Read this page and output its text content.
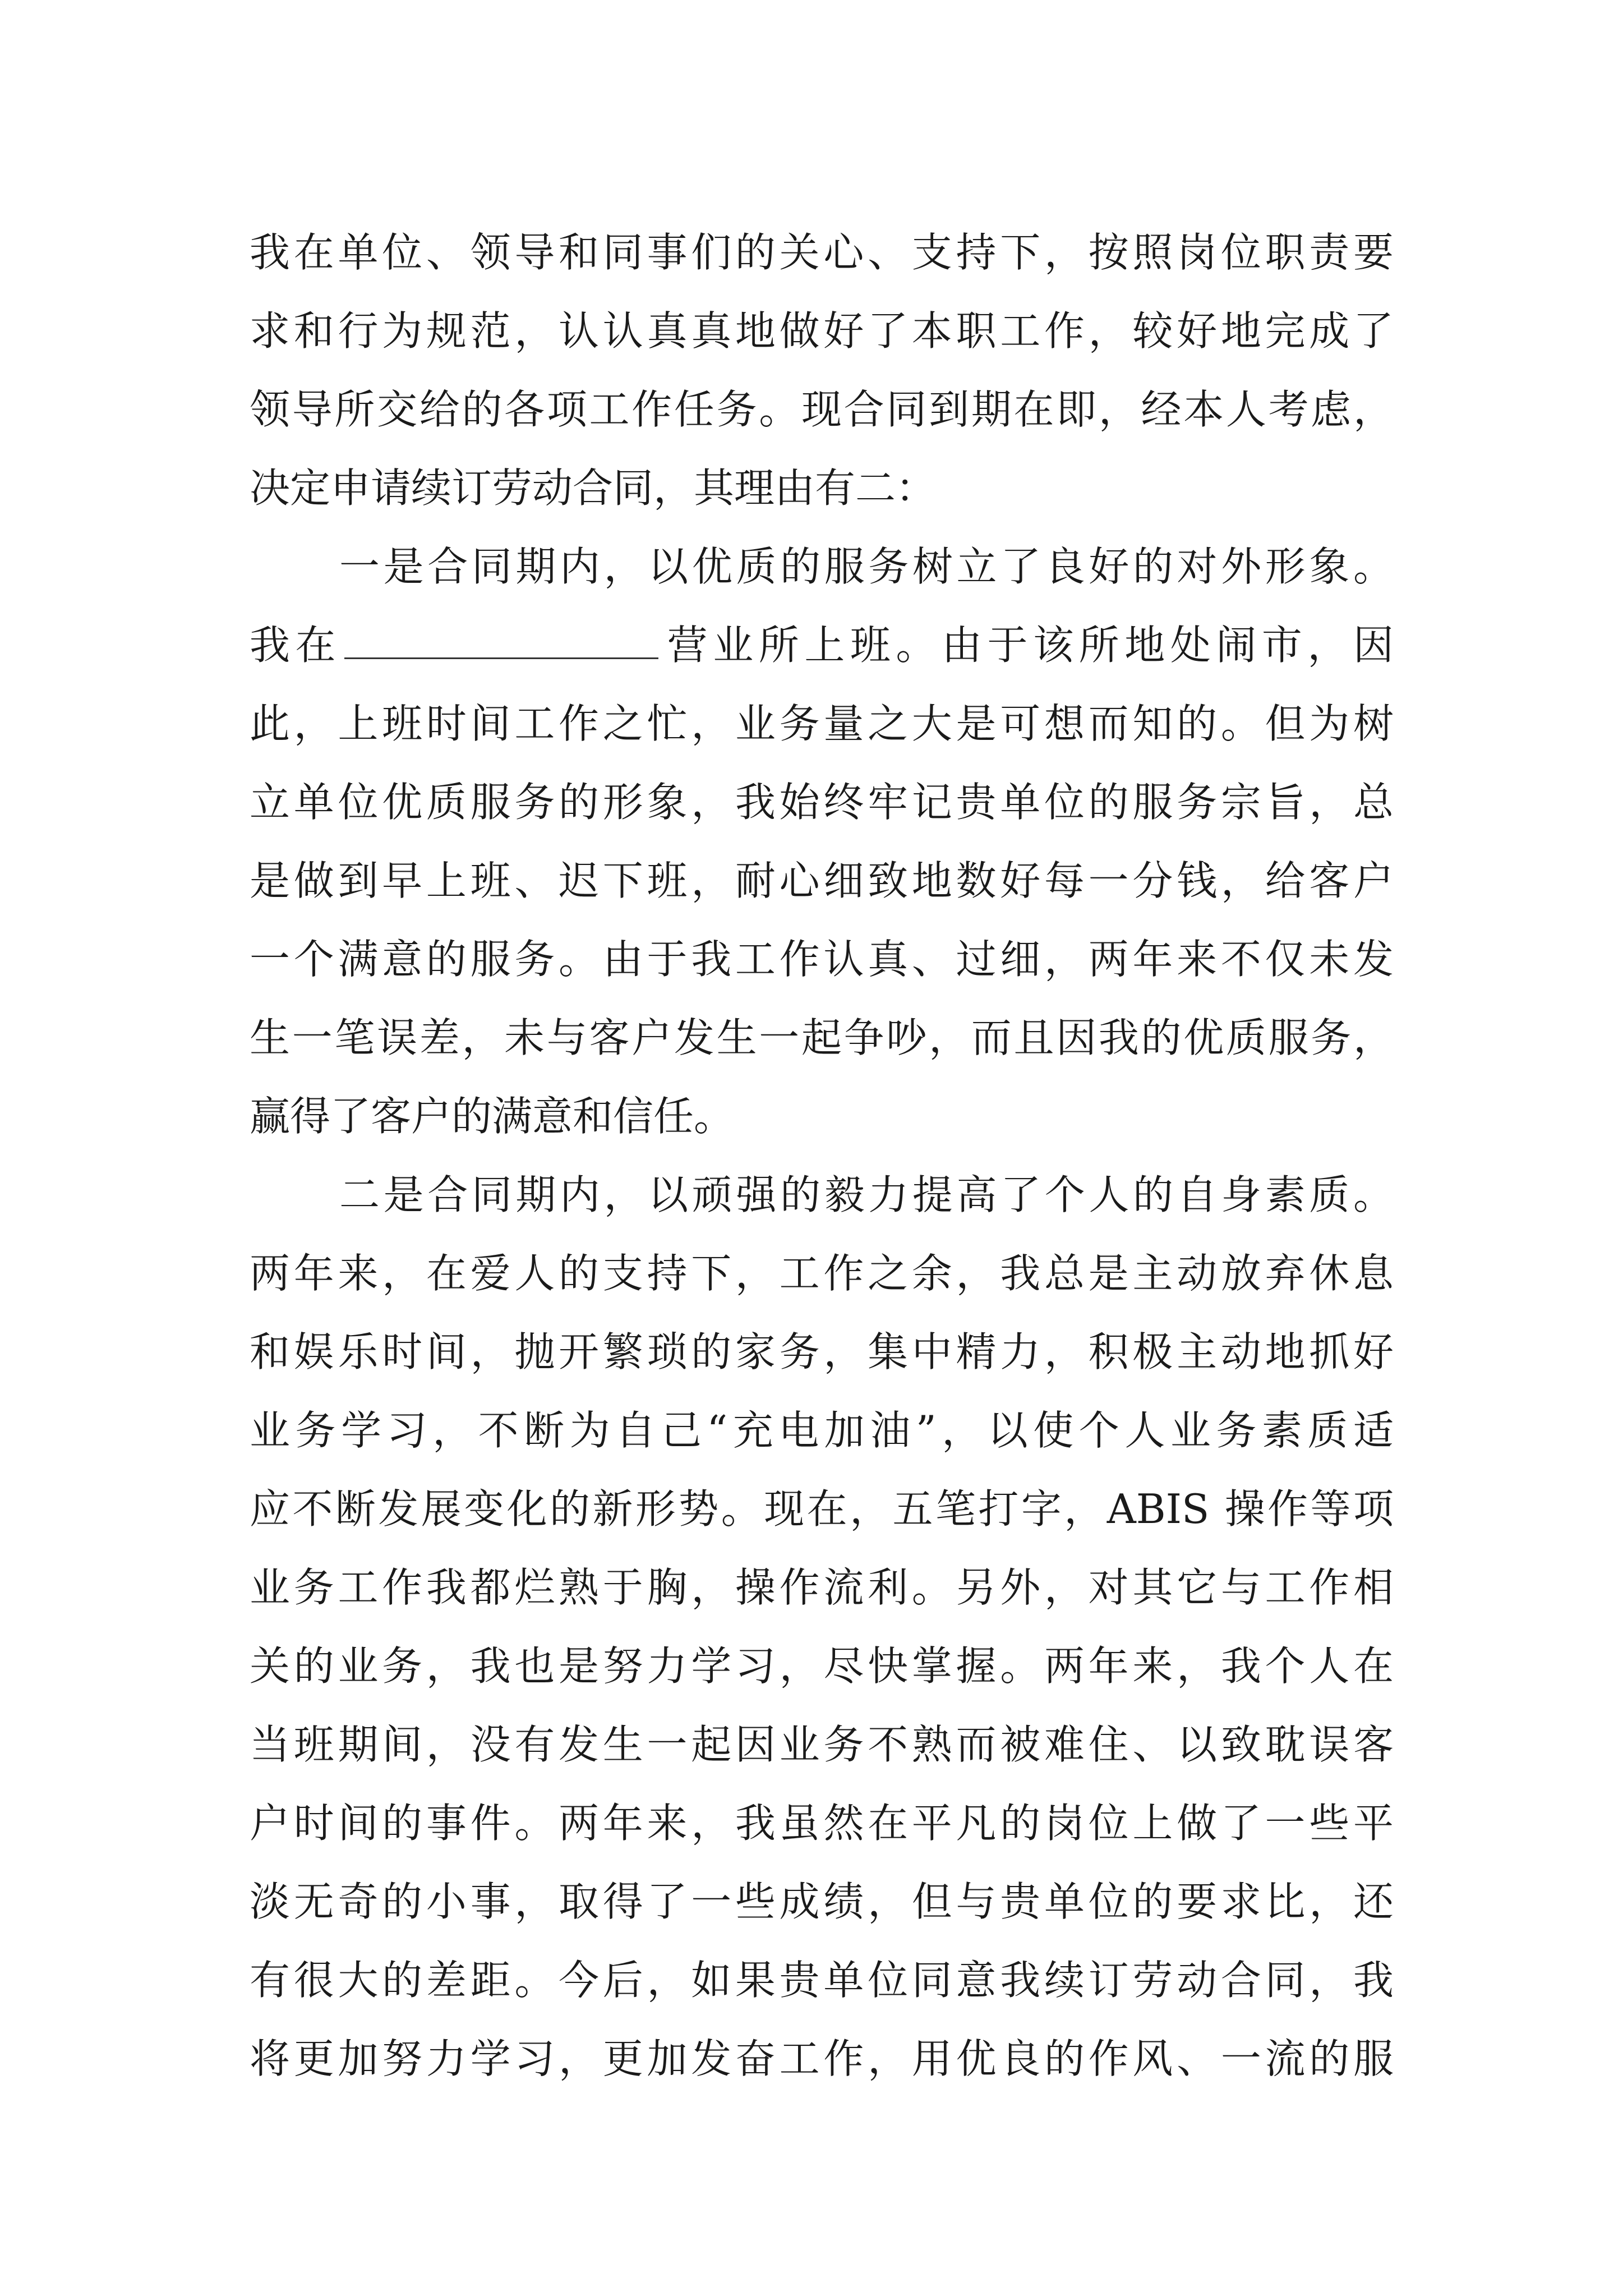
我在单位、领导和同事们的关心、支持下，按照岗位职责要
求和行为规范，认认真真地做好了本职工作，较好地完成了
领导所交给的各项工作任务。现合同到期在即，经本人考虑，
决定申请续订劳动合同，其理由有二：
一是合同期内，以优质的服务树立了良好的对外形象。
我在	营业所上班。由于该所地处闹市，因
此，上班时间工作之忙，业务量之大是可想而知的。但为树
立单位优质服务的形象，我始终牢记贵单位的服务宗旨，总
是做到早上班、迟下班，耐心细致地数好每一分钱，给客户
一个满意的服务。由于我工作认真、过细，两年来不仅未发
生一笔误差，未与客户发生一起争吵，而且因我的优质服务，
赢得了客户的满意和信任。
二是合同期内，以顽强的毅力提高了个人的自身素质。
两年来，在爱人的支持下，工作之余，我总是主动放弃休息
和娱乐时间，抛开繁琐的家务，集中精力，积极主动地抓好
业务学习，不断为自己“充电加油”，以使个人业务素质适
应不断发展变化的新形势。现在，五笔打字，ABIS 操作等项
业务工作我都烂熟于胸，操作流利。另外，对其它与工作相
关的业务，我也是努力学习，尽快掌握。两年来，我个人在
当班期间，没有发生一起因业务不熟而被难住、以致耽误客
户时间的事件。两年来，我虽然在平凡的岗位上做了一些平
淡无奇的小事，取得了一些成绩，但与贵单位的要求比，还
有很大的差距。今后，如果贵单位同意我续订劳动合同，我
将更加努力学习，更加发奋工作，用优良的作风、一流的服
